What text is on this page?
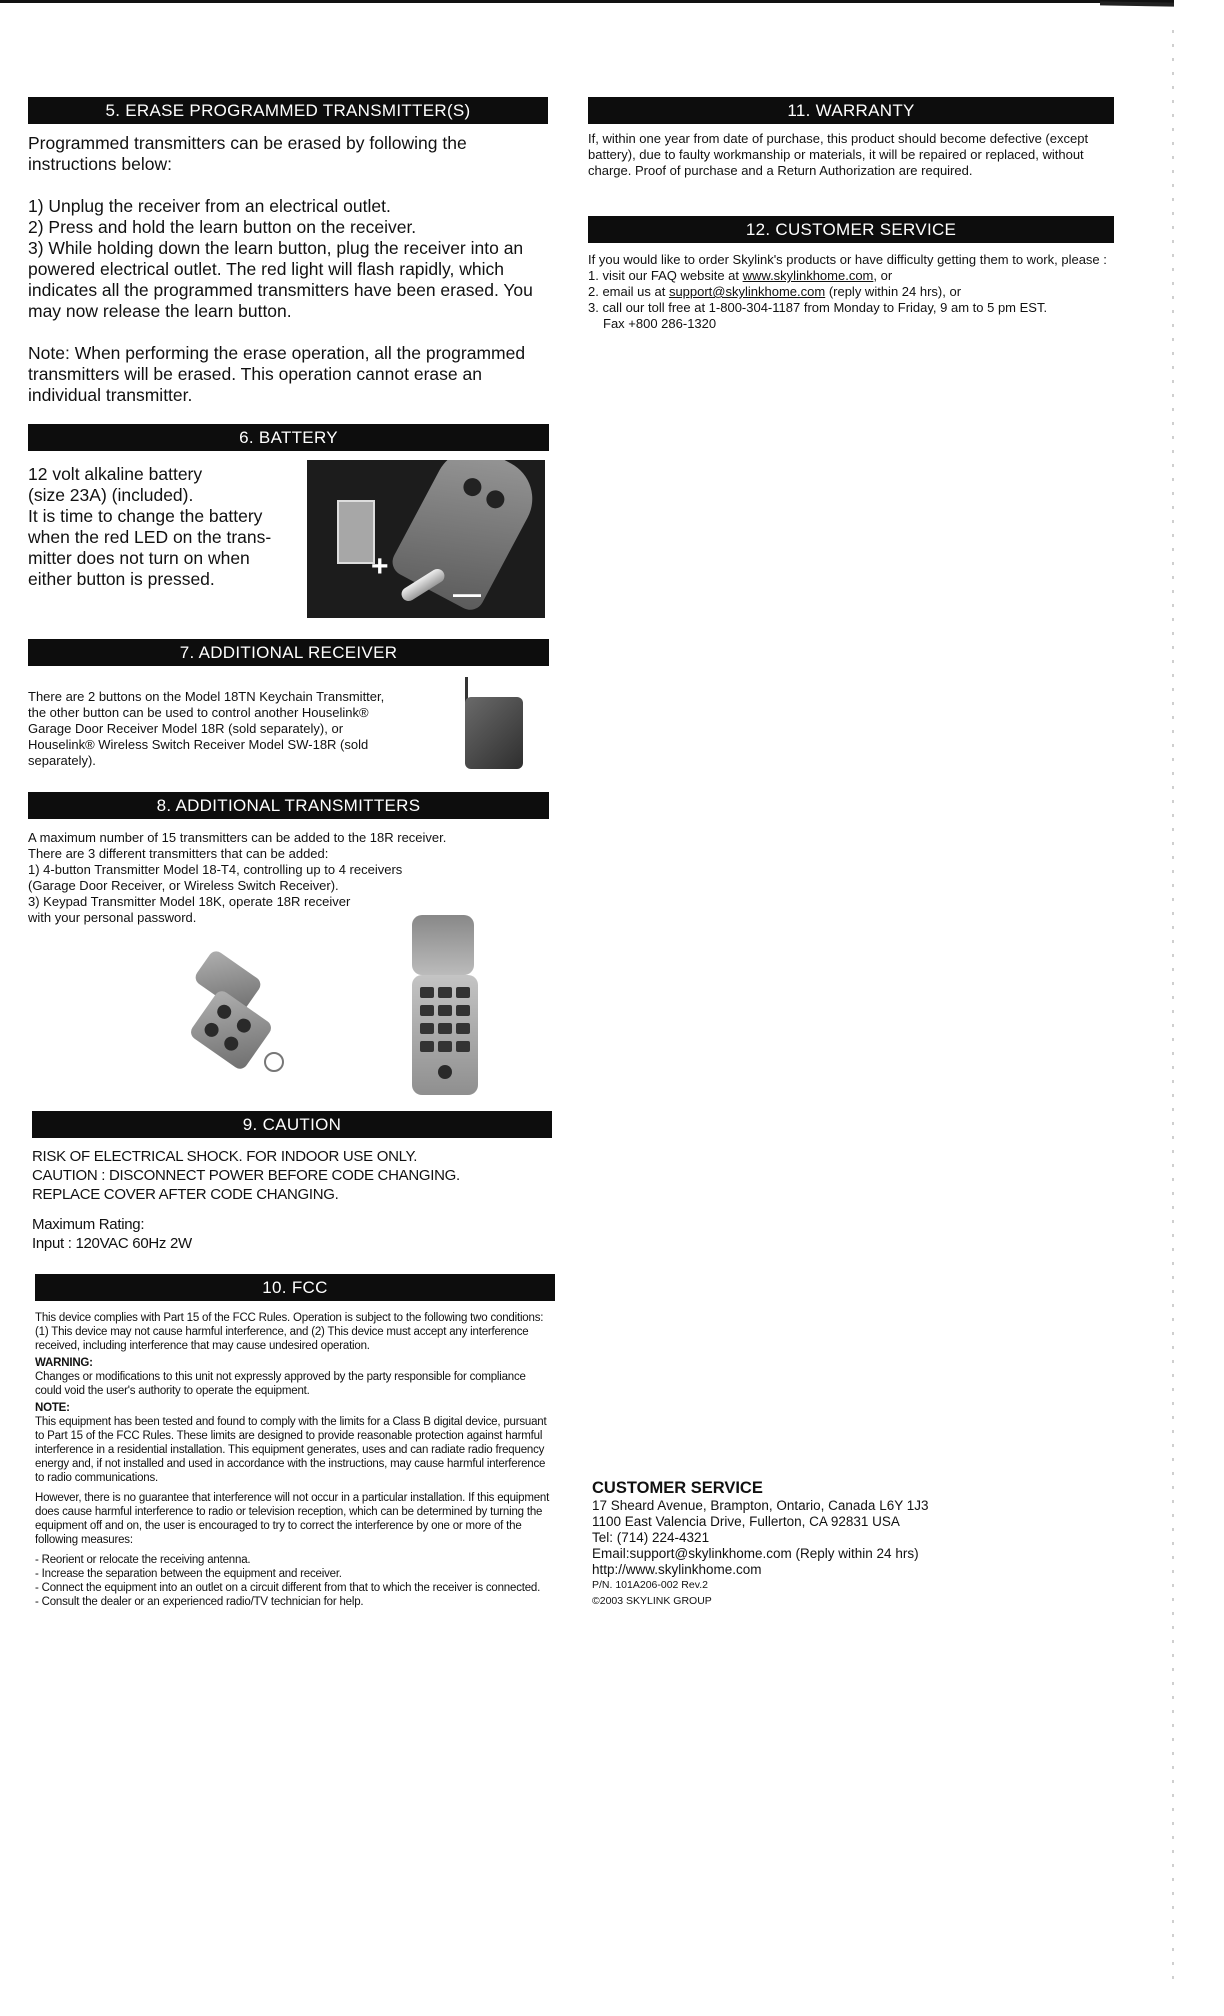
5. ERASE PROGRAMMED TRANSMITTER(S)

Programmed transmitters can be erased by following the instructions below:

1) Unplug the receiver from an electrical outlet.

2) Press and hold the learn button on the receiver.

3) While holding down the learn button, plug the receiver into an powered electrical outlet. The red light will flash rapidly, which indicates all the programmed transmitters have been erased. You may now release the learn button.

Note: When performing the erase operation, all the programmed transmitters will be erased. This operation cannot erase an individual transmitter.

6. BATTERY

12 volt alkaline battery

(size 23A) (included).

It is time to change the battery

when the red LED on the trans-

mitter does not turn on when

either button is pressed.	+
—
7. ADDITIONAL RECEIVER

There are 2 buttons on the Model 18TN Keychain Transmitter,

the other button can be used to control another Houselink®

Garage Door Receiver Model 18R (sold separately), or

Houselink® Wireless Switch Receiver Model SW-18R (sold

separately).

8. ADDITIONAL TRANSMITTERS

A maximum number of 15 transmitters can be added to the 18R receiver.

There are 3 different transmitters that can be added:

1) 4-button Transmitter Model 18-T4, controlling up to 4 receivers

(Garage Door Receiver, or Wireless Switch Receiver).

3) Keypad Transmitter Model 18K, operate 18R receiver

with your personal password.

9. CAUTION

RISK OF ELECTRICAL SHOCK. FOR INDOOR USE ONLY.

CAUTION : DISCONNECT POWER BEFORE CODE CHANGING.

REPLACE COVER AFTER CODE CHANGING.

Maximum Rating:

Input : 120VAC 60Hz 2W

10. FCC

This device complies with Part 15 of the FCC Rules. Operation is subject to the following two conditions: (1) This device may not cause harmful interference, and (2) This device must accept any interference received, including interference that may cause undesired operation.

WARNING:

Changes or modifications to this unit not expressly approved by the party responsible for compliance could void the user's authority to operate the equipment.

NOTE:

This equipment has been tested and found to comply with the limits for a Class B digital device, pursuant to Part 15 of the FCC Rules. These limits are designed to provide reasonable protection against harmful interference in a residential installation. This equipment generates, uses and can radiate radio frequency energy and, if not installed and used in accordance with the instructions, may cause harmful interference to radio communications.

However, there is no guarantee that interference will not occur in a particular installation. If this equipment does cause harmful interference to radio or television reception, which can be determined by turning the equipment off and on, the user is encouraged to try to correct the interference by one or more of the following measures:

- Reorient or relocate the receiving antenna.

- Increase the separation between the equipment and receiver.

- Connect the equipment into an outlet on a circuit different from that to which the receiver is connected.

- Consult the dealer or an experienced radio/TV technician for help.

11. WARRANTY

If, within one year from date of purchase, this product should become defective (except battery), due to faulty workmanship or materials, it will be repaired or replaced, without charge. Proof of purchase and a Return Authorization are required.

12. CUSTOMER SERVICE

If you would like to order Skylink's products or have difficulty getting them to work, please :

1. visit our FAQ website at www.skylinkhome.com, or

2. email us at support@skylinkhome.com (reply within 24 hrs), or

3. call our toll free at 1-800-304-1187 from Monday to Friday, 9 am to 5 pm EST.

Fax +800 286-1320

CUSTOMER SERVICE

17 Sheard Avenue, Brampton, Ontario, Canada L6Y 1J3

1100 East Valencia Drive, Fullerton, CA 92831 USA

Tel: (714) 224-4321

Email:support@skylinkhome.com (Reply within 24 hrs)

http://www.skylinkhome.com

P/N. 101A206-002 Rev.2

©2003 SKYLINK GROUP
